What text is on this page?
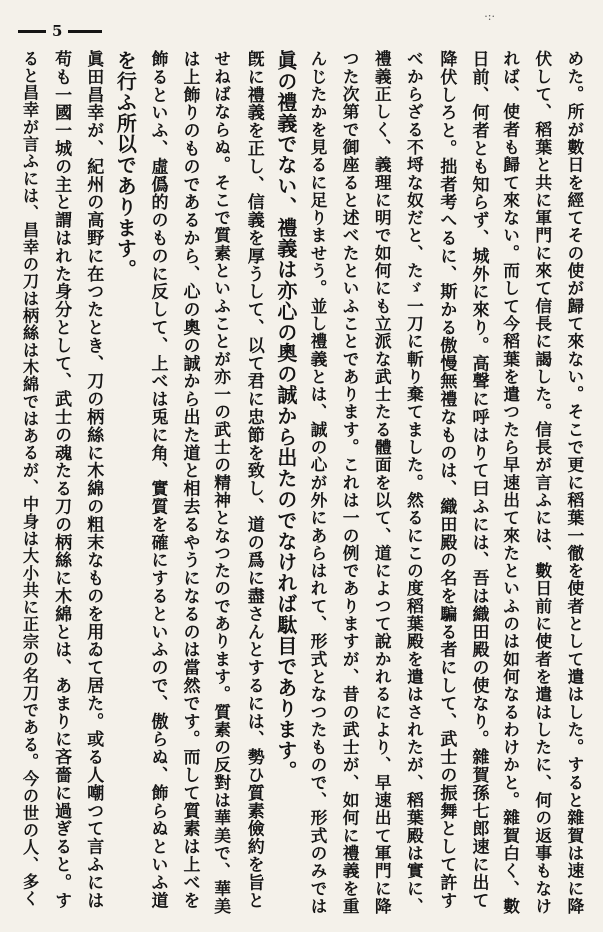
5
·:·
めた。所が數日を經てその使が歸て來ない。そこで更に稻葉一徹を使者として遣はした。すると雜賀は速に降
伏して、稻葉と共に軍門に來て信長に謁した。信長が言ふには、數日前に使者を遣はしたに、何の返事もなけ
れば、使者も歸て來ない。而して今稻葉を遣つたら早速出て來たといふのは如何なるわけかと。雜賀白く、數
日前、何者とも知らず、城外に來り。高聲に呼はりて曰ふには、吾は織田殿の使なり。雜賀孫七郎速に出て
降伏しろと。拙者考へるに、斯かる傲慢無禮なものは、織田殿の名を騙る者にして、武士の振舞として許す
べからざる不埒な奴だと、たゞ一刀に斬り棄てました。然るにこの度稻葉殿を遣はされたが、稻葉殿は實に、
禮義正しく、義理に明で如何にも立派な武士たる體面を以て、道によつて說かれるにより、早速出て軍門に降
つた次第で御座ると述べたといふことであります。これは一の例でありますが、昔の武士が、如何に禮義を重
んじたかを見るに足りませう。並し禮義とは、誠の心が外にあらはれて、形式となつたもので、形式のみでは
眞の禮義でない、禮義は亦心の奧の誠から出たのでなければ駄目であります。
旣に禮義を正し、信義を厚うして、以て君に忠節を致し、道の爲に盡さんとするには、勢ひ質素儉約を旨と
せねばならぬ。そこで質素といふことが亦一の武士の精神となつたのであります。質素の反對は華美で、華美
は上飾りのものであるから、心の奧の誠から出た道と相去るやうになるのは當然です。而して質素は上べを
飾るといふ、虛僞的のものに反して、上べは兎に角、實質を確にするといふので、傲らぬ、飾らぬといふ道
を行ふ所以であります。
眞田昌幸が、紀州の高野に在つたとき、刀の柄絲に木綿の粗末なものを用ゐて居た。或る人嘲つて言ふには
苟も一國一城の主と謂はれた身分として、武士の魂たる刀の柄絲に木綿とは、あまりに吝嗇に過ぎると。す
ると昌幸が言ふには、昌幸の刀は柄絲は木綿ではあるが、中身は大小共に正宗の名刀である。今の世の人、多く
